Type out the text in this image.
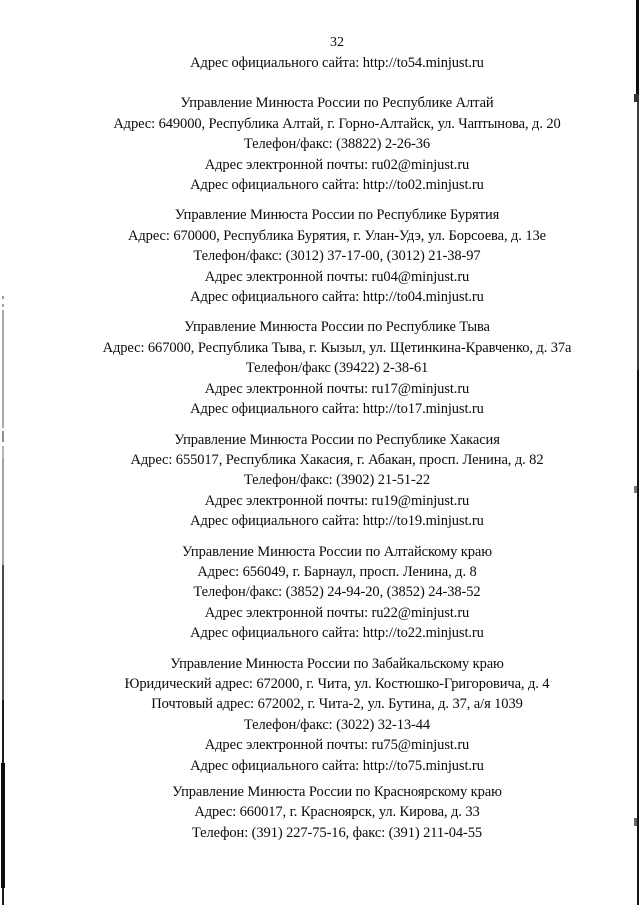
32

Адрес официального сайта: http://to54.minjust.ru

Управление Минюста России по Республике Алтай

Адрес: 649000, Республика Алтай, г. Горно-Алтайск, ул. Чаптынова, д. 20

Телефон/факс: (38822) 2-26-36

Адрес электронной почты: ru02@minjust.ru

Адрес официального сайта: http://to02.minjust.ru

Управление Минюста России по Республике Бурятия

Адрес: 670000, Республика Бурятия, г. Улан-Удэ, ул. Борсоева, д. 13е

Телефон/факс: (3012) 37-17-00, (3012) 21-38-97

Адрес электронной почты: ru04@minjust.ru

Адрес официального сайта: http://to04.minjust.ru

Управление Минюста России по Республике Тыва

Адрес: 667000, Республика Тыва, г. Кызыл, ул. Щетинкина-Кравченко, д. 37а

Телефон/факс (39422) 2-38-61

Адрес электронной почты: ru17@minjust.ru

Адрес официального сайта: http://to17.minjust.ru

Управление Минюста России по Республике Хакасия

Адрес: 655017, Республика Хакасия, г. Абакан, просп. Ленина, д. 82

Телефон/факс: (3902) 21-51-22

Адрес электронной почты: ru19@minjust.ru

Адрес официального сайта: http://to19.minjust.ru

Управление Минюста России по Алтайскому краю

Адрес: 656049, г. Барнаул, просп. Ленина, д. 8

Телефон/факс: (3852) 24-94-20, (3852) 24-38-52

Адрес электронной почты: ru22@minjust.ru

Адрес официального сайта: http://to22.minjust.ru

Управление Минюста России по Забайкальскому краю

Юридический адрес: 672000, г. Чита, ул. Костюшко-Григоровича, д. 4

Почтовый адрес: 672002, г. Чита-2, ул. Бутина, д. 37, а/я 1039

Телефон/факс: (3022) 32-13-44

Адрес электронной почты: ru75@minjust.ru

Адрес официального сайта: http://to75.minjust.ru

Управление Минюста России по Красноярскому краю

Адрес: 660017, г. Красноярск, ул. Кирова, д. 33

Телефон: (391) 227-75-16, факс: (391) 211-04-55
